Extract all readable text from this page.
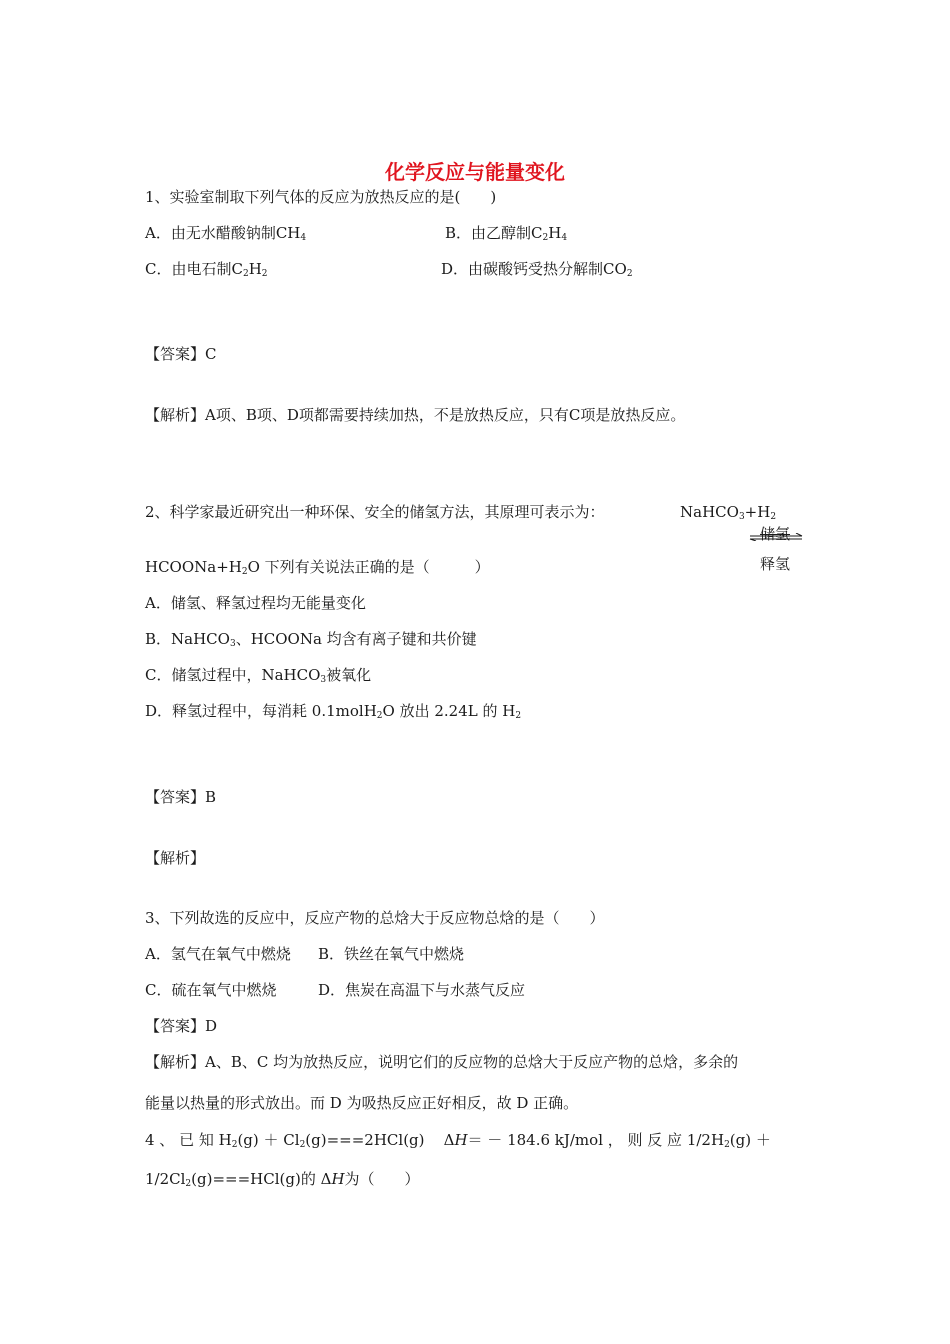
化学反应与能量变化
1、实验室制取下列气体的反应为放热反应的是(　　)
A．由无水醋酸钠制$CH_4$	B．由乙醇制$C_2H_4$
C．由电石制$C_2H_2$	D．由碳酸钙受热分解制$CO_2$
【答案】C
【解析】A项、B项、D项都需要持续加热，不是放热反应，只有C项是放热反应。
2、科学家最近研究出一种环保、安全的储氢方法，其原理可表示为：	$NaHCO_3+H_2$
储氢
释氢
$HCOONa+H_2O$ 下列有关说法正确的是（　　　）
A．储氢、释氢过程均无能量变化
B．NaHCO$_3$、HCOONa 均含有离子键和共价键
C．储氢过程中，NaHCO$_3$被氧化
D．释氢过程中，每消耗 0.1molH$_2$O 放出 2.24L 的 $H_2$
【答案】B
【解析】
3、下列故选的反应中，反应产物的总焓大于反应物总焓的是（　　）
A．氢气在氧气中燃烧 B．铁丝在氧气中燃烧
C．硫在氧气中燃烧	D．焦炭在高温下与水蒸气反应
【答案】D
【解析】A、B、C 均为放热反应，说明它们的反应物的总焓大于反应产物的总焓，多余的
能量以热量的形式放出。而 D 为吸热反应正好相反，故 D 正确。
4 、 已 知 $H_2(g) + Cl_2(g)===2HCl(g) \Delta H= - 184.6$ kJ/mol ， 则 反 应 $1/2H_2(g)$ ＋
$1/2Cl_2(g)===HCl(g)$的 ΔH为（　　）
